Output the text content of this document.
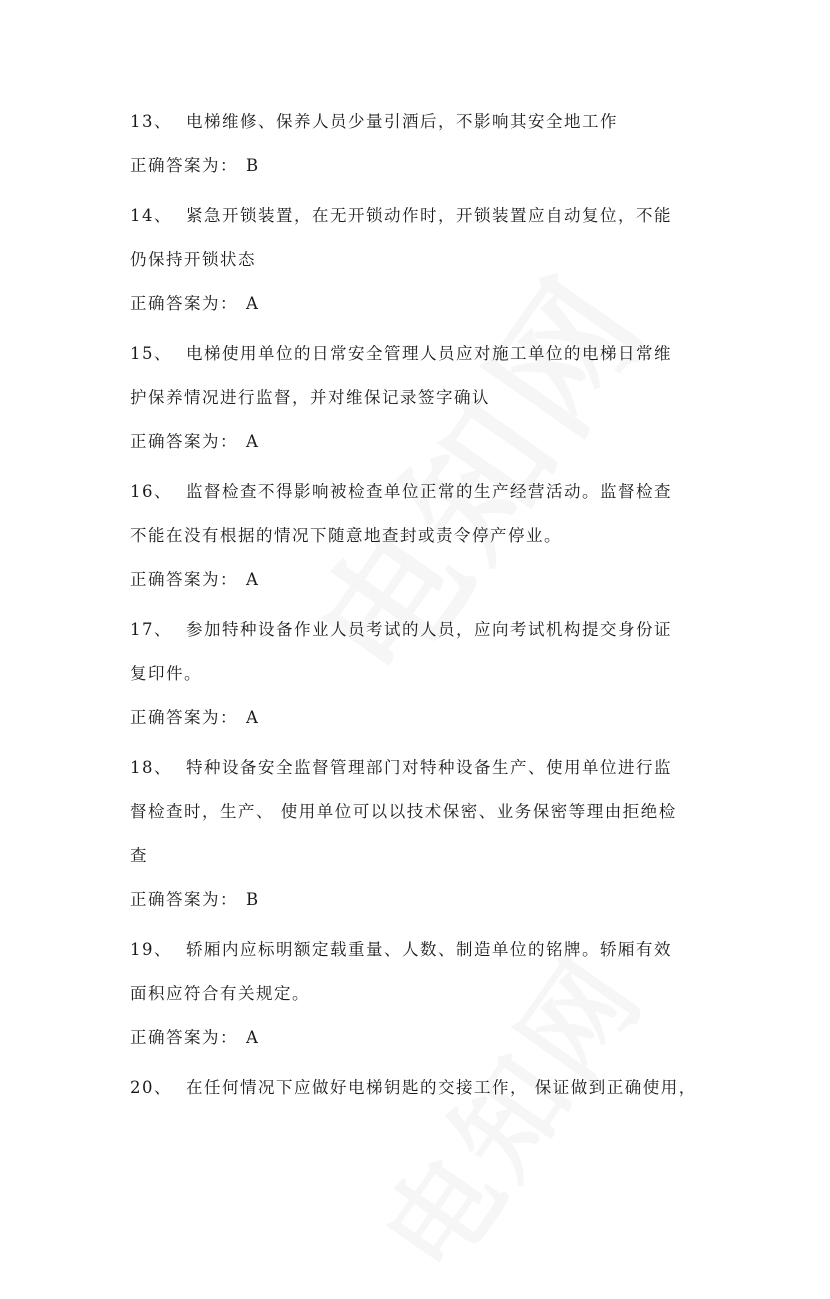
13、 电梯维修、保养人员少量引酒后，不影响其安全地工作
正确答案为： B
14、 紧急开锁装置，在无开锁动作时，开锁装置应自动复位，不能
仍保持开锁状态
正确答案为： A
15、 电梯使用单位的日常安全管理人员应对施工单位的电梯日常维
护保养情况进行监督，并对维保记录签字确认
正确答案为： A
16、 监督检查不得影响被检查单位正常的生产经营活动。监督检查
不能在没有根据的情况下随意地查封或责令停产停业。
正确答案为： A
17、 参加特种设备作业人员考试的人员，应向考试机构提交身份证
复印件。
正确答案为： A
18、 特种设备安全监督管理部门对特种设备生产、使用单位进行监
督检查时，生产、 使用单位可以以技术保密、业务保密等理由拒绝检
查
正确答案为： B
19、 轿厢内应标明额定载重量、人数、制造单位的铭牌。轿厢有效
面积应符合有关规定。
正确答案为： A
20、 在任何情况下应做好电梯钥匙的交接工作， 保证做到正确使用，
